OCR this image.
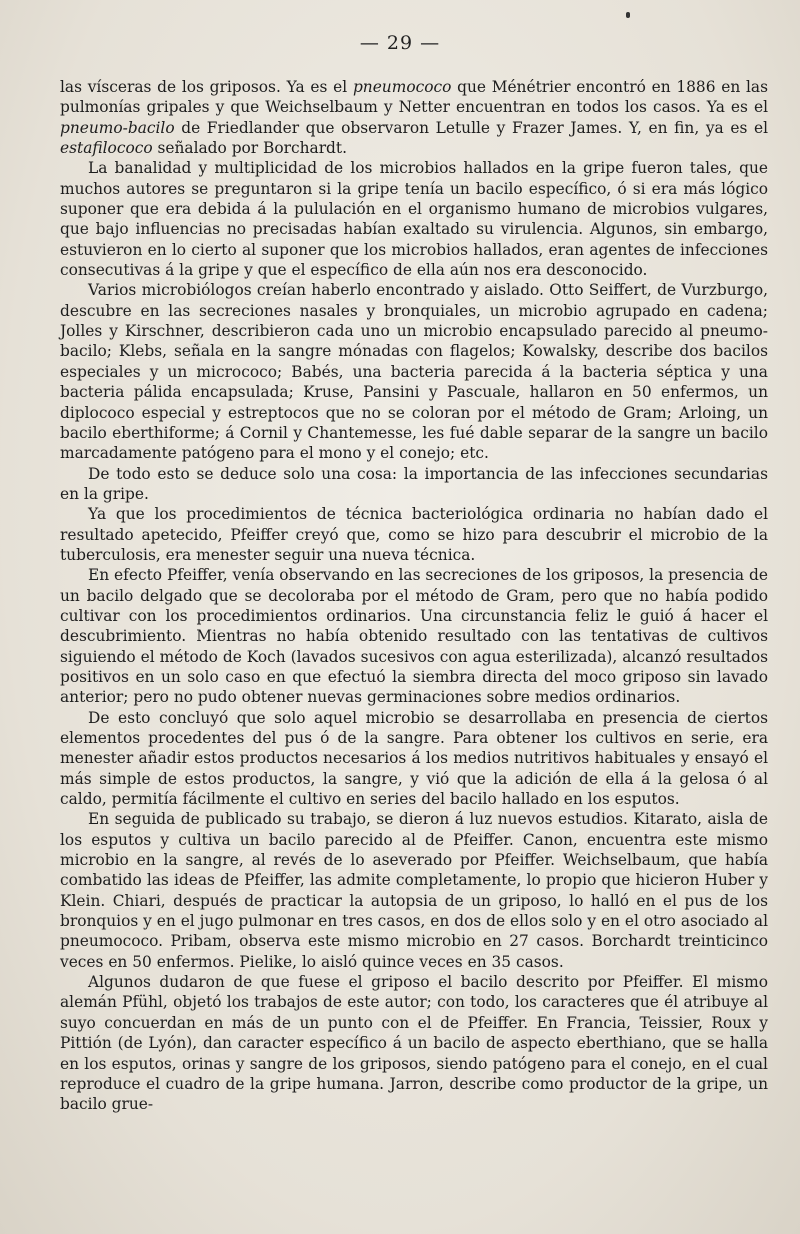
— 29 —

las vísceras de los griposos. Ya es el pneumococo que Ménétrier encontró en 1886 en las pulmonías gripales y que Weichselbaum y Netter encuentran en todos los casos. Ya es el pneumo-bacilo de Friedlander que observaron Letulle y Frazer James. Y, en fin, ya es el estafilococo señalado por Borchardt.

La banalidad y multiplicidad de los microbios hallados en la gripe fueron tales, que muchos autores se preguntaron si la gripe tenía un bacilo específico, ó si era más lógico suponer que era debida á la pululación en el organismo humano de microbios vulgares, que bajo influencias no precisadas habían exaltado su virulencia. Algunos, sin embargo, estuvieron en lo cierto al suponer que los microbios hallados, eran agentes de infecciones consecutivas á la gripe y que el específico de ella aún nos era desconocido.

Varios microbiólogos creían haberlo encontrado y aislado. Otto Seiffert, de Vurzburgo, descubre en las secreciones nasales y bronquiales, un microbio agrupado en cadena; Jolles y Kirschner, describieron cada uno un microbio encapsulado parecido al pneumo-bacilo; Klebs, señala en la sangre mónadas con flagelos; Kowalsky, describe dos bacilos especiales y un micrococo; Babés, una bacteria parecida á la bacteria séptica y una bacteria pálida encapsulada; Kruse, Pansini y Pascuale, hallaron en 50 enfermos, un diplococo especial y estreptocos que no se coloran por el método de Gram; Arloing, un bacilo eberthiforme; á Cornil y Chantemesse, les fué dable separar de la sangre un bacilo marcadamente patógeno para el mono y el conejo; etc.

De todo esto se deduce solo una cosa: la importancia de las infecciones secundarias en la gripe.

Ya que los procedimientos de técnica bacteriológica ordinaria no habían dado el resultado apetecido, Pfeiffer creyó que, como se hizo para descubrir el microbio de la tuberculosis, era menester seguir una nueva técnica.

En efecto Pfeiffer, venía observando en las secreciones de los griposos, la presencia de un bacilo delgado que se decoloraba por el método de Gram, pero que no había podido cultivar con los procedimientos ordinarios. Una circunstancia feliz le guió á hacer el descubrimiento. Mientras no había obtenido resultado con las tentativas de cultivos siguiendo el método de Koch (lavados sucesivos con agua esterilizada), alcanzó resultados positivos en un solo caso en que efectuó la siembra directa del moco griposo sin lavado anterior; pero no pudo obtener nuevas germinaciones sobre medios ordinarios.

De esto concluyó que solo aquel microbio se desarrollaba en presencia de ciertos elementos procedentes del pus ó de la sangre. Para obtener los cultivos en serie, era menester añadir estos productos necesarios á los medios nutritivos habituales y ensayó el más simple de estos productos, la sangre, y vió que la adición de ella á la gelosa ó al caldo, permitía fácilmente el cultivo en series del bacilo hallado en los esputos.

En seguida de publicado su trabajo, se dieron á luz nuevos estudios. Kitarato, aisla de los esputos y cultiva un bacilo parecido al de Pfeiffer. Canon, encuentra este mismo microbio en la sangre, al revés de lo aseverado por Pfeiffer. Weichselbaum, que había combatido las ideas de Pfeiffer, las admite completamente, lo propio que hicieron Huber y Klein. Chiari, después de practicar la autopsia de un griposo, lo halló en el pus de los bronquios y en el jugo pulmonar en tres casos, en dos de ellos solo y en el otro asociado al pneumococo. Pribam, observa este mismo microbio en 27 casos. Borchardt treinticinco veces en 50 enfermos. Pielike, lo aisló quince veces en 35 casos.

Algunos dudaron de que fuese el griposo el bacilo descrito por Pfeiffer. El mismo alemán Pfühl, objetó los trabajos de este autor; con todo, los caracteres que él atribuye al suyo concuerdan en más de un punto con el de Pfeiffer. En Francia, Teissier, Roux y Pittión (de Lyón), dan caracter específico á un bacilo de aspecto eberthiano, que se halla en los esputos, orinas y sangre de los griposos, siendo patógeno para el conejo, en el cual reproduce el cuadro de la gripe humana. Jarron, describe como productor de la gripe, un bacilo grue-
